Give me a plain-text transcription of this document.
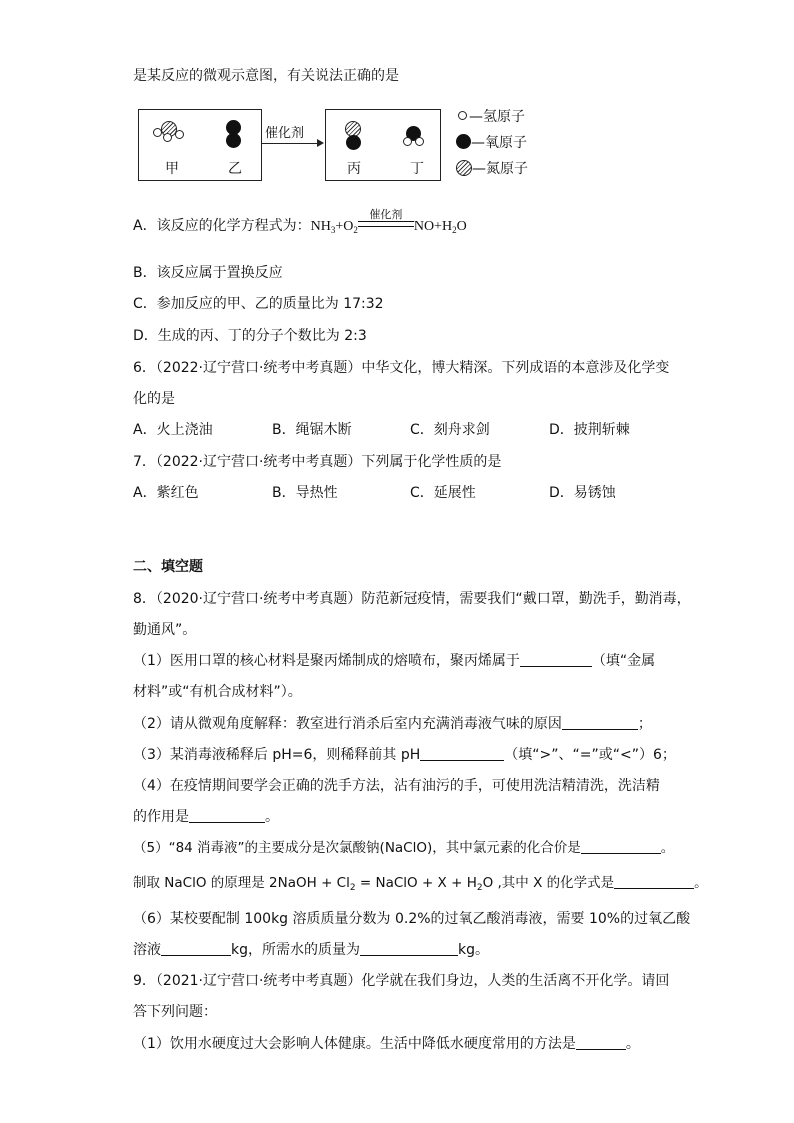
是某反应的微观示意图，有关说法正确的是
甲	乙
催化剂
丙	丁
—氢原子
—氧原子
—氮原子
A．该反应的化学方程式为：$NH_3+O_2$
催化剂
$NO+H_2O$
B．该反应属于置换反应
C．参加反应的甲、乙的质量比为 17:32
D．生成的丙、丁的分子个数比为 2:3
6．（2022·辽宁营口·统考中考真题）中华文化，博大精深。下列成语的本意涉及化学变
化的是
A．火上浇油	B．绳锯木断	C．刻舟求剑	D．披荆斩棘
7．（2022·辽宁营口·统考中考真题）下列属于化学性质的是
A．紫红色	B．导热性	C．延展性	D．易锈蚀
二、填空题
8．（2020·辽宁营口·统考中考真题）防范新冠疫情，需要我们“戴口罩，勤洗手，勤消毒，
勤通风”。
（1）医用口罩的核心材料是聚丙烯制成的熔喷布，聚丙烯属于	（填“金属
材料”或“有机合成材料”）。
（2）请从微观角度解释：教室进行消杀后室内充满消毒液气味的原因	；
（3）某消毒液稀释后 pH=6，则稀释前其 pH	（填“>”、“=”或“<”）6；
（4）在疫情期间要学会正确的洗手方法，沾有油污的手，可使用洗洁精清洗，洗洁精
的作用是	。
（5）“84 消毒液”的主要成分是次氯酸钠(NaClO)，其中氯元素的化合价是	。
制取 NaClO 的原理是 2NaOH + $Cl_2$ = NaClO + $X + H_2O$ ,其中 X 的化学式是	。
（6）某校要配制 100kg 溶质质量分数为 0.2%的过氧乙酸消毒液，需要 10%的过氧乙酸
溶液	kg，所需水的质量为	kg。
9．（2021·辽宁营口·统考中考真题）化学就在我们身边，人类的生活离不开化学。请回
答下列问题：
（1）饮用水硬度过大会影响人体健康。生活中降低水硬度常用的方法是	。
